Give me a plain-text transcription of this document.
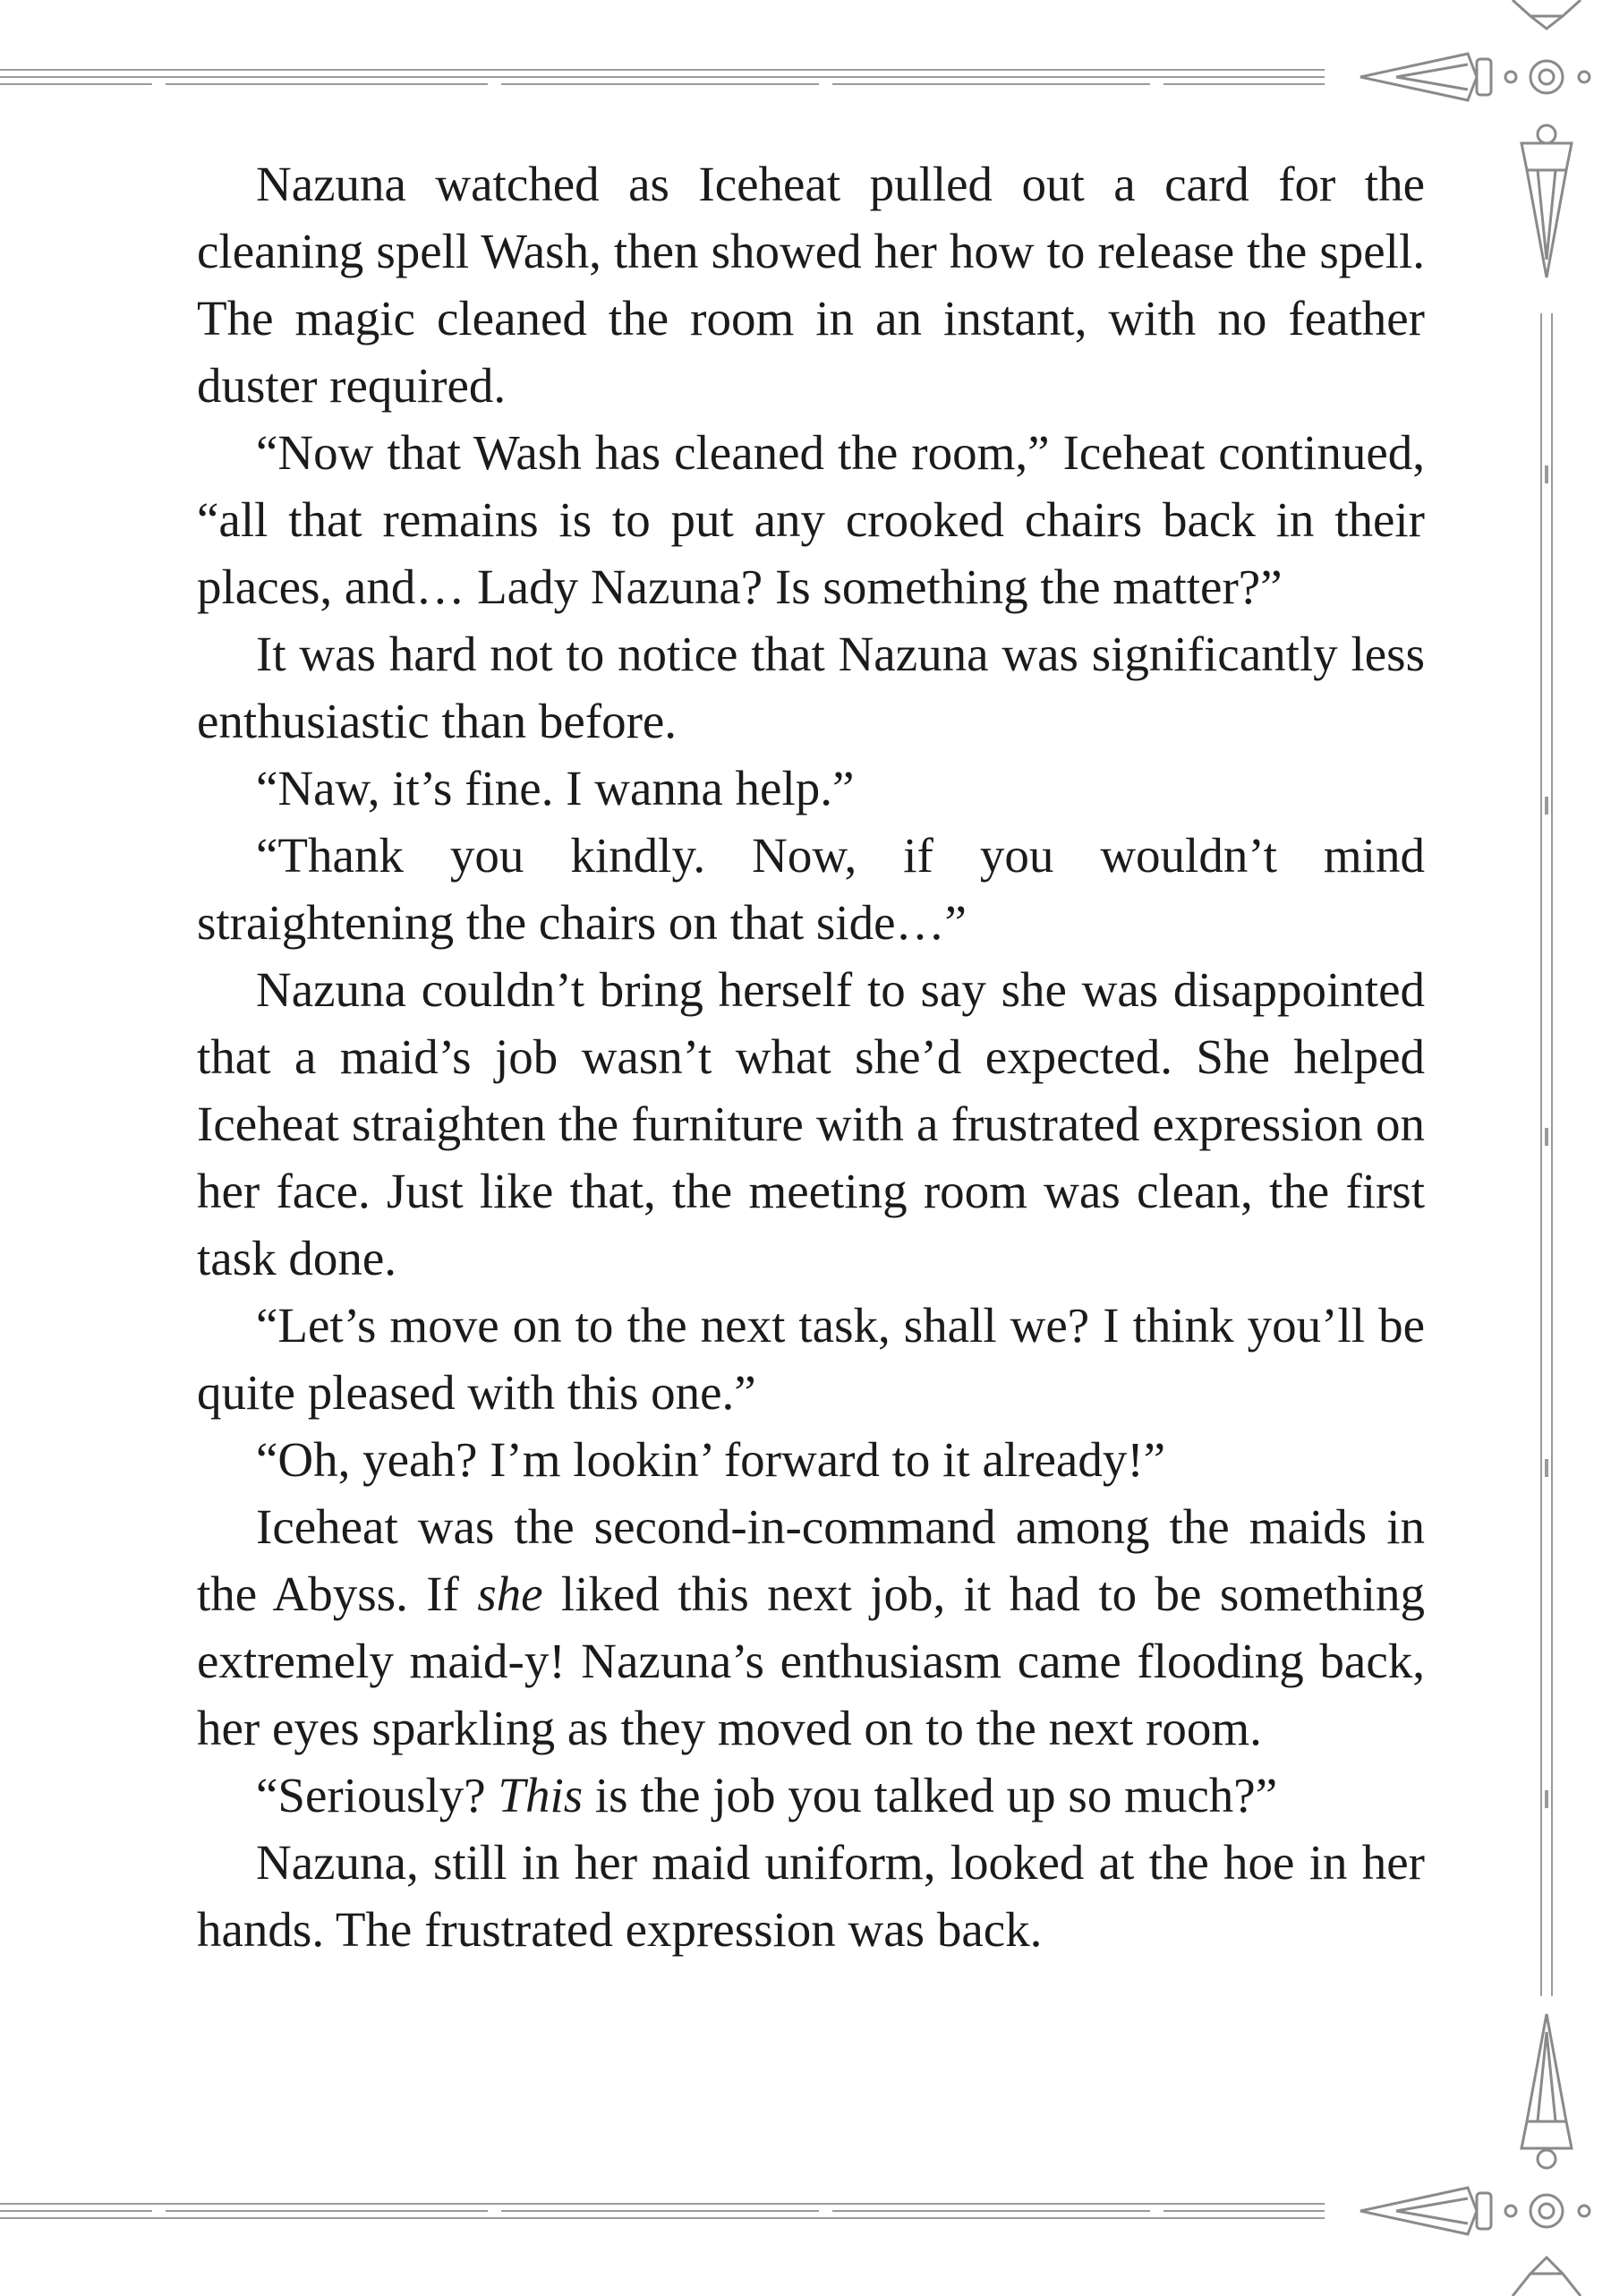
Nazuna watched as Iceheat pulled out a card for the cleaning spell Wash, then showed her how to release the spell. The magic cleaned the room in an instant, with no feather duster required.

“Now that Wash has cleaned the room,” Iceheat continued, “all that remains is to put any crooked chairs back in their places, and… Lady Nazuna? Is something the matter?”

It was hard not to notice that Nazuna was significantly less enthusiastic than before.

“Naw, it’s fine. I wanna help.”

“Thank you kindly. Now, if you wouldn’t mind straightening the chairs on that side…”

Nazuna couldn’t bring herself to say she was disappointed that a maid’s job wasn’t what she’d expected. She helped Iceheat straighten the furniture with a frustrated expression on her face. Just like that, the meeting room was clean, the first task done.

“Let’s move on to the next task, shall we? I think you’ll be quite pleased with this one.”

“Oh, yeah? I’m lookin’ forward to it already!”

Iceheat was the second-in-command among the maids in the Abyss. If she liked this next job, it had to be something extremely maid-y! Nazuna’s enthusiasm came flooding back, her eyes sparkling as they moved on to the next room.

“Seriously? This is the job you talked up so much?”

Nazuna, still in her maid uniform, looked at the hoe in her hands. The frustrated expression was back.
